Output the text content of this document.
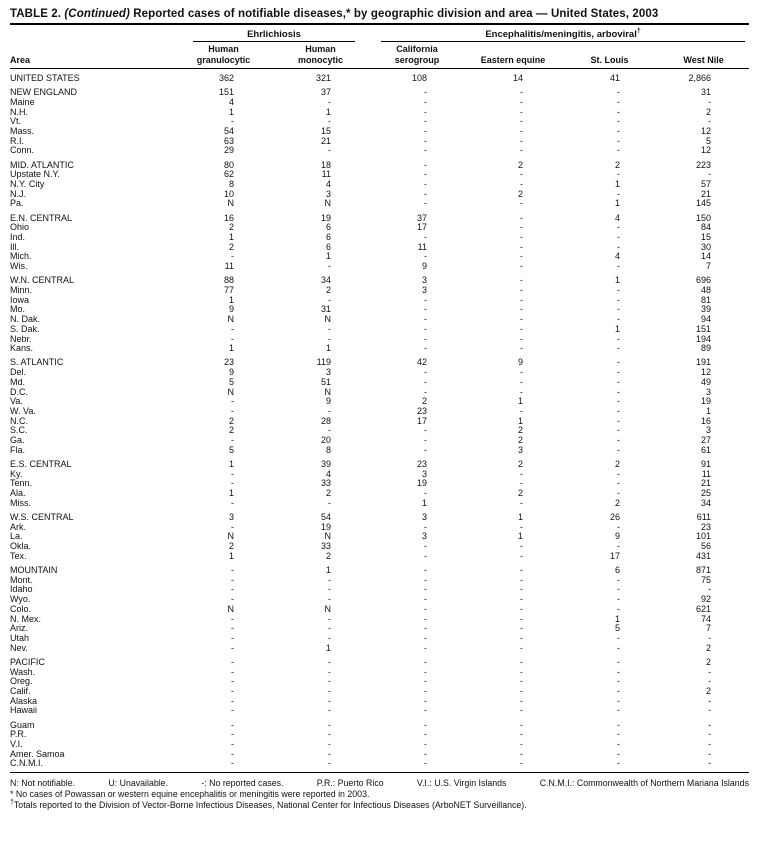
TABLE 2. (Continued) Reported cases of notifiable diseases,* by geographic division and area — United States, 2003
Area	Ehrlichiosis		Encephalitis/meningitis, arboviral†

	Human granulocytic	Human monocytic	California serogroup	Eastern equine	St. Louis	West Nile
UNITED STATES	362	321	108	14	41	2,866
NEW ENGLAND	151	37	-	-	-	31
Maine	4	-	-	-	-	-
N.H.	1	1	-	-	-	2
Vt.	-	-	-	-	-	-
Mass.	54	15	-	-	-	12
R.I.	63	21	-	-	-	5
Conn.	29	-	-	-	-	12
MID. ATLANTIC	80	18	-	2	2	223
Upstate N.Y.	62	11	-	-	-	-
N.Y. City	8	4	-	-	1	57
N.J.	10	3	-	2	-	21
Pa.	N	N	-	-	1	145
E.N. CENTRAL	16	19	37	-	4	150
Ohio	2	6	17	-	-	84
Ind.	1	6	-	-	-	15
Ill.	2	6	11	-	-	30
Mich.	-	1	-	-	4	14
Wis.	11	-	9	-	-	7
W.N. CENTRAL	88	34	3	-	1	696
Minn.	77	2	3	-	-	48
Iowa	1	-	-	-	-	81
Mo.	9	31	-	-	-	39
N. Dak.	N	N	-	-	-	94
S. Dak.	-	-	-	-	1	151
Nebr.	-	-	-	-	-	194
Kans.	1	1	-	-	-	89
S. ATLANTIC	23	119	42	9	-	191
Del.	9	3	-	-	-	12
Md.	5	51	-	-	-	49
D.C.	N	N	-	-	-	3
Va.	-	9	2	1	-	19
W. Va.	-	-	23	-	-	1
N.C.	2	28	17	1	-	16
S.C.	2	-	-	2	-	3
Ga.	-	20	-	2	-	27
Fla.	5	8	-	3	-	61
E.S. CENTRAL	1	39	23	2	2	91
Ky.	-	4	3	-	-	11
Tenn.	-	33	19	-	-	21
Ala.	1	2	-	2	-	25
Miss.	-	-	1	-	2	34
W.S. CENTRAL	3	54	3	1	26	611
Ark.	-	19	-	-	-	23
La.	N	N	3	1	9	101
Okla.	2	33	-	-	-	56
Tex.	1	2	-	-	17	431
MOUNTAIN	-	1	-	-	6	871
Mont.	-	-	-	-	-	75
Idaho	-	-	-	-	-	-
Wyo.	-	-	-	-	-	92
Colo.	N	N	-	-	-	621
N. Mex.	-	-	-	-	1	74
Ariz.	-	-	-	-	5	7
Utah	-	-	-	-	-	-
Nev.	-	1	-	-	-	2
PACIFIC	-	-	-	-	-	2
Wash.	-	-	-	-	-	-
Oreg.	-	-	-	-	-	-
Calif.	-	-	-	-	-	2
Alaska	-	-	-	-	-	-
Hawaii	-	-	-	-	-	-
Guam	-	-	-	-	-	-
P.R.	-	-	-	-	-	-
V.I.	-	-	-	-	-	-
Amer. Samoa	-	-	-	-	-	-
C.N.M.I.	-	-	-	-	-	-
N: Not notifiable.	U: Unavailable.	-: No reported cases.	P.R.: Puerto Rico	V.I.: U.S. Virgin Islands	C.N.M.I.: Commonwealth of Northern Mariana Islands
* No cases of Powassan or western equine encephalitis or meningitis were reported in 2003.
†Totals reported to the Division of Vector-Borne Infectious Diseases, National Center for Infectious Diseases (ArboNET Surveillance).
